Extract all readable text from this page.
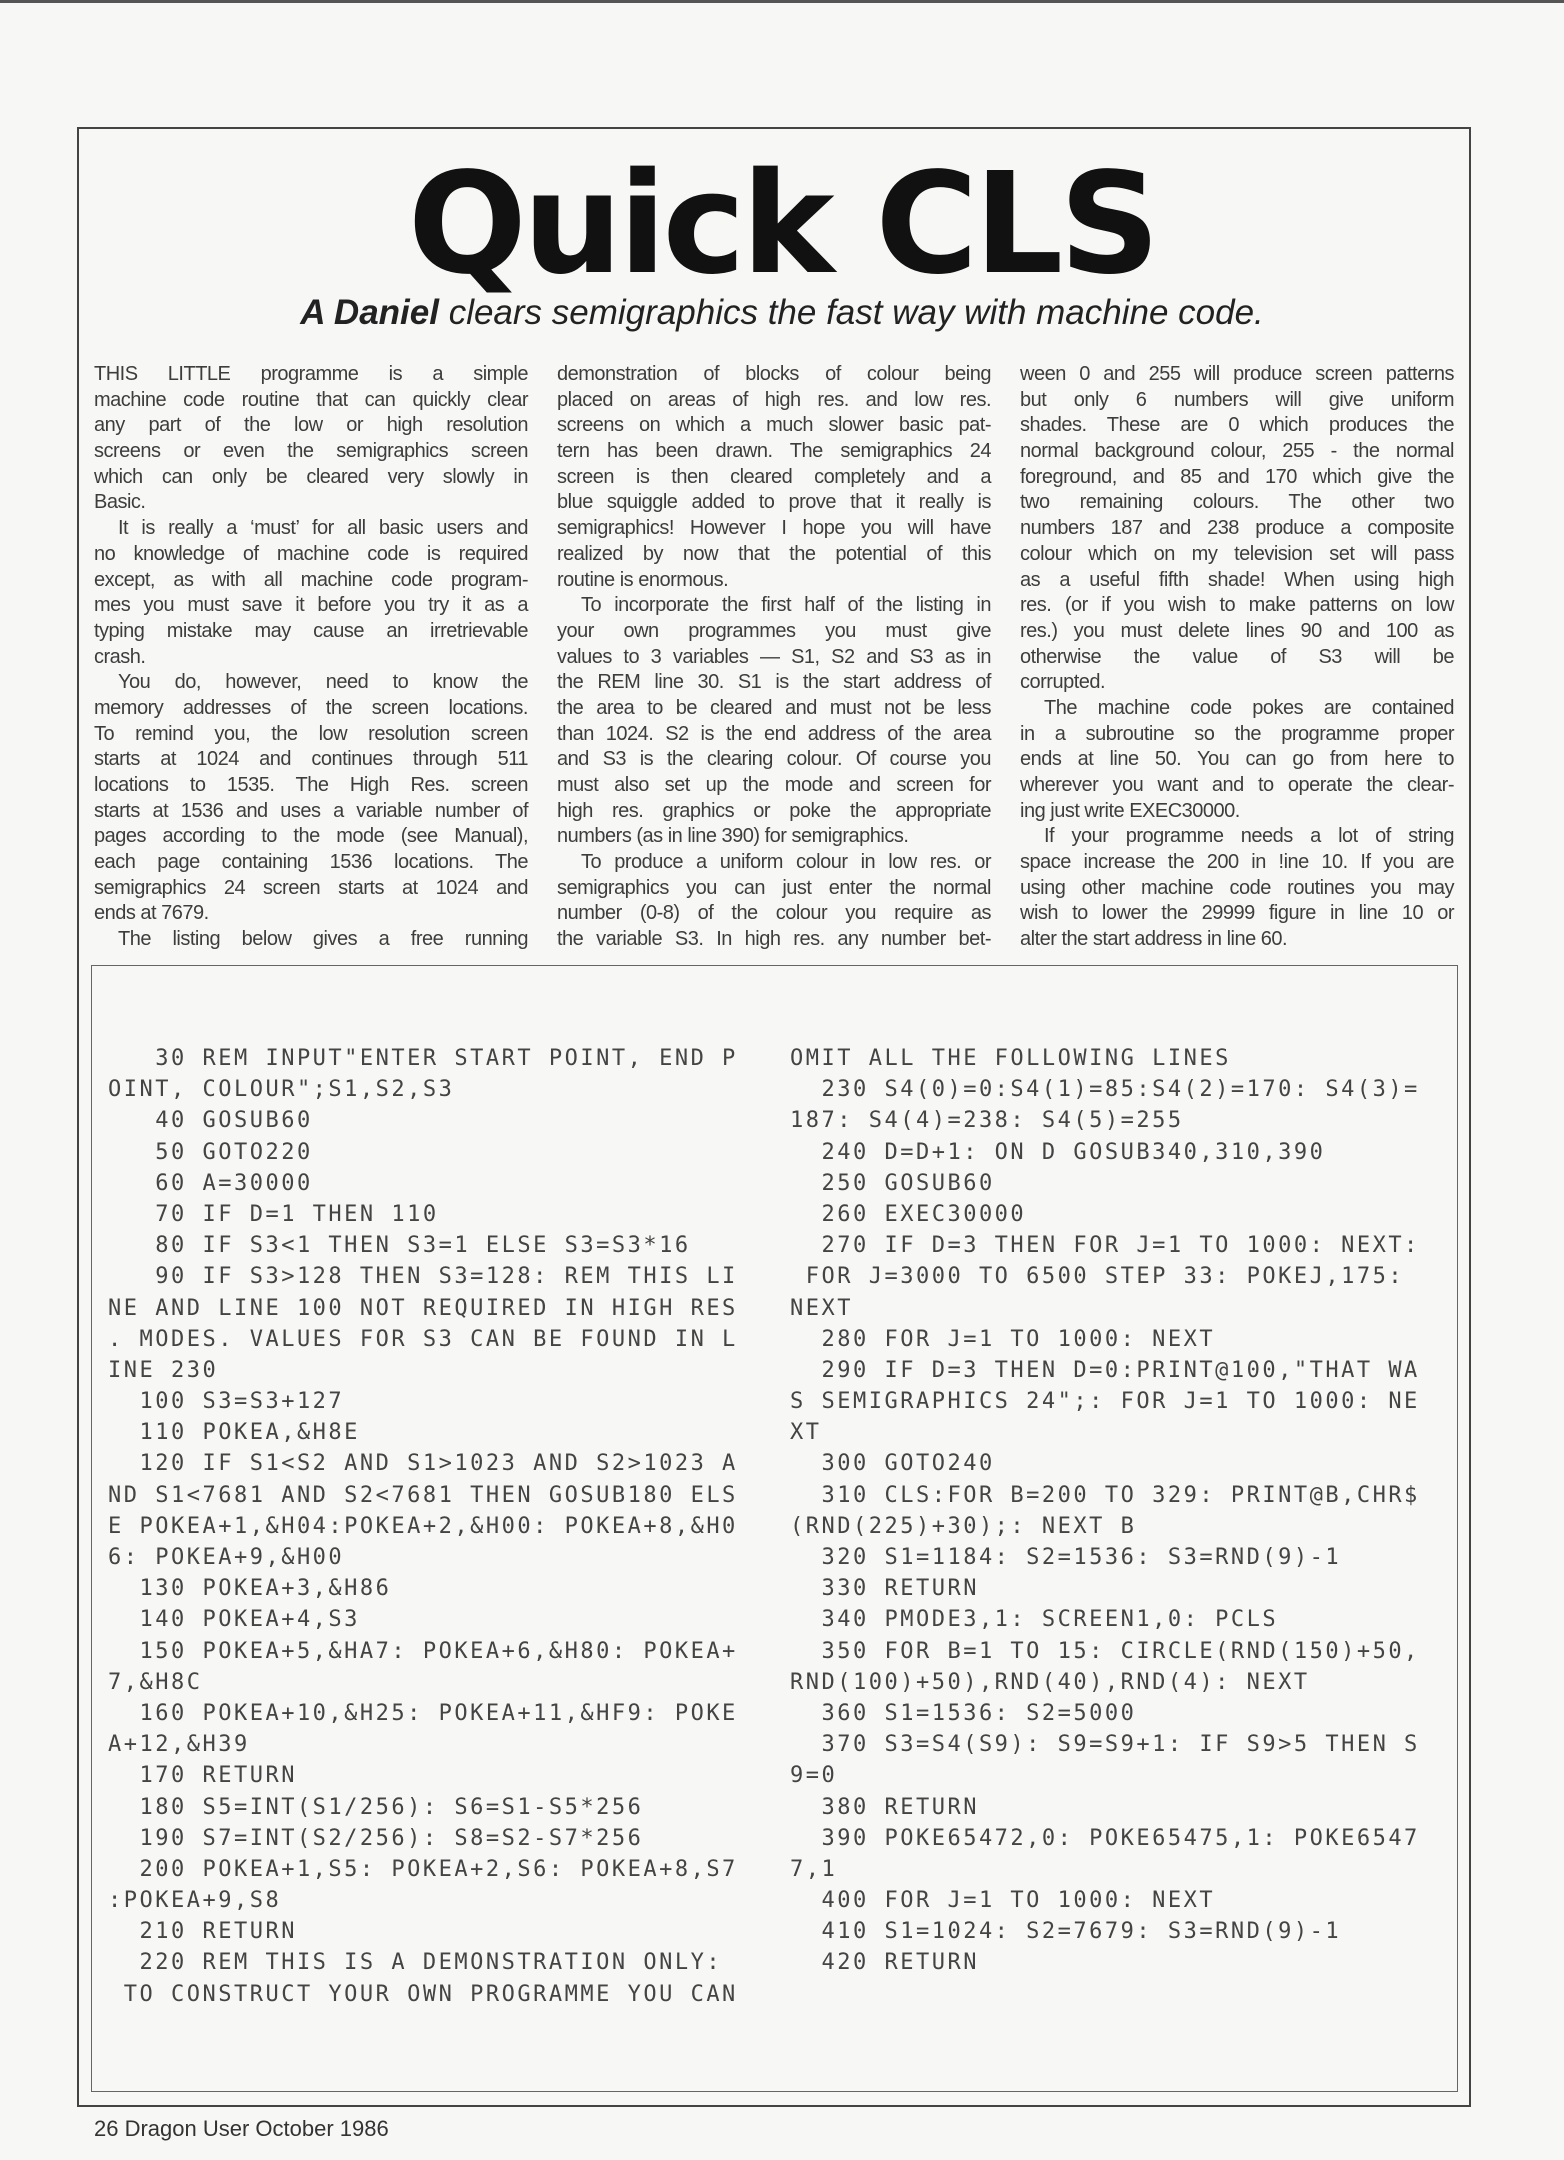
Quick CLS
A Daniel clears semigraphics the fast way with machine code.
THIS LITTLE programme is a simple
machine code routine that can quickly clear
any part of the low or high resolution
screens or even the semigraphics screen
which can only be cleared very slowly in
Basic.
It is really a ‘must’ for all basic users and
no knowledge of machine code is required
except, as with all machine code program-
mes you must save it before you try it as a
typing mistake may cause an irretrievable
crash.
You do, however, need to know the
memory addresses of the screen locations.
To remind you, the low resolution screen
starts at 1024 and continues through 511
locations to 1535. The High Res. screen
starts at 1536 and uses a variable number of
pages according to the mode (see Manual),
each page containing 1536 locations. The
semigraphics 24 screen starts at 1024 and
ends at 7679.
The listing below gives a free running
demonstration of blocks of colour being
placed on areas of high res. and low res.
screens on which a much slower basic pat-
tern has been drawn. The semigraphics 24
screen is then cleared completely and a
blue squiggle added to prove that it really is
semigraphics! However I hope you will have
realized by now that the potential of this
routine is enormous.
To incorporate the first half of the listing in
your own programmes you must give
values to 3 variables — S1, S2 and S3 as in
the REM line 30. S1 is the start address of
the area to be cleared and must not be less
than 1024. S2 is the end address of the area
and S3 is the clearing colour. Of course you
must also set up the mode and screen for
high res. graphics or poke the appropriate
numbers (as in line 390) for semigraphics.
To produce a uniform colour in low res. or
semigraphics you can just enter the normal
number (0-8) of the colour you require as
the variable S3. In high res. any number bet-
ween 0 and 255 will produce screen patterns
but only 6 numbers will give uniform
shades. These are 0 which produces the
normal background colour, 255 - the normal
foreground, and 85 and 170 which give the
two remaining colours. The other two
numbers 187 and 238 produce a composite
colour which on my television set will pass
as a useful fifth shade! When using high
res. (or if you wish to make patterns on low
res.) you must delete lines 90 and 100 as
otherwise the value of S3 will be
corrupted.
The machine code pokes are contained
in a subroutine so the programme proper
ends at line 50. You can go from here to
wherever you want and to operate the clear-
ing just write EXEC30000.
If your programme needs a lot of string
space increase the 200 in !ine 10. If you are
using other machine code routines you may
wish to lower the 29999 figure in line 10 or
alter the start address in line 60.
30 REM INPUT"ENTER START POINT, END P
OINT, COLOUR";S1,S2,S3
40 GOSUB60
50 GOTO220
60 A=30000
70 IF D=1 THEN 110
80 IF S3<1 THEN S3=1 ELSE S3=S3*16
90 IF S3>128 THEN S3=128: REM THIS LI
NE AND LINE 100 NOT REQUIRED IN HIGH RES
. MODES. VALUES FOR S3 CAN BE FOUND IN L
INE 230
100 S3=S3+127
110 POKEA,&H8E
120 IF S1<S2 AND S1>1023 AND S2>1023 A
ND S1<7681 AND S2<7681 THEN GOSUB180 ELS
E POKEA+1,&H04:POKEA+2,&H00: POKEA+8,&H0
6: POKEA+9,&H00
130 POKEA+3,&H86
140 POKEA+4,S3
150 POKEA+5,&HA7: POKEA+6,&H80: POKEA+
7,&H8C
160 POKEA+10,&H25: POKEA+11,&HF9: POKE
A+12,&H39
170 RETURN
180 S5=INT(S1/256): S6=S1-S5*256
190 S7=INT(S2/256): S8=S2-S7*256
200 POKEA+1,S5: POKEA+2,S6: POKEA+8,S7
:POKEA+9,S8
210 RETURN
220 REM THIS IS A DEMONSTRATION ONLY:
TO CONSTRUCT YOUR OWN PROGRAMME YOU CAN
OMIT ALL THE FOLLOWING LINES
230 S4(0)=0:S4(1)=85:S4(2)=170: S4(3)=
187: S4(4)=238: S4(5)=255
240 D=D+1: ON D GOSUB340,310,390
250 GOSUB60
260 EXEC30000
270 IF D=3 THEN FOR J=1 TO 1000: NEXT:
FOR J=3000 TO 6500 STEP 33: POKEJ,175:
NEXT
280 FOR J=1 TO 1000: NEXT
290 IF D=3 THEN D=0:PRINT@100,"THAT WA
S SEMIGRAPHICS 24";: FOR J=1 TO 1000: NE
XT
300 GOTO240
310 CLS:FOR B=200 TO 329: PRINT@B,CHR$
(RND(225)+30);: NEXT B
320 S1=1184: S2=1536: S3=RND(9)-1
330 RETURN
340 PMODE3,1: SCREEN1,0: PCLS
350 FOR B=1 TO 15: CIRCLE(RND(150)+50,
RND(100)+50),RND(40),RND(4): NEXT
360 S1=1536: S2=5000
370 S3=S4(S9): S9=S9+1: IF S9>5 THEN S
9=0
380 RETURN
390 POKE65472,0: POKE65475,1: POKE6547
7,1
400 FOR J=1 TO 1000: NEXT
410 S1=1024: S2=7679: S3=RND(9)-1
420 RETURN
26 Dragon User October 1986
